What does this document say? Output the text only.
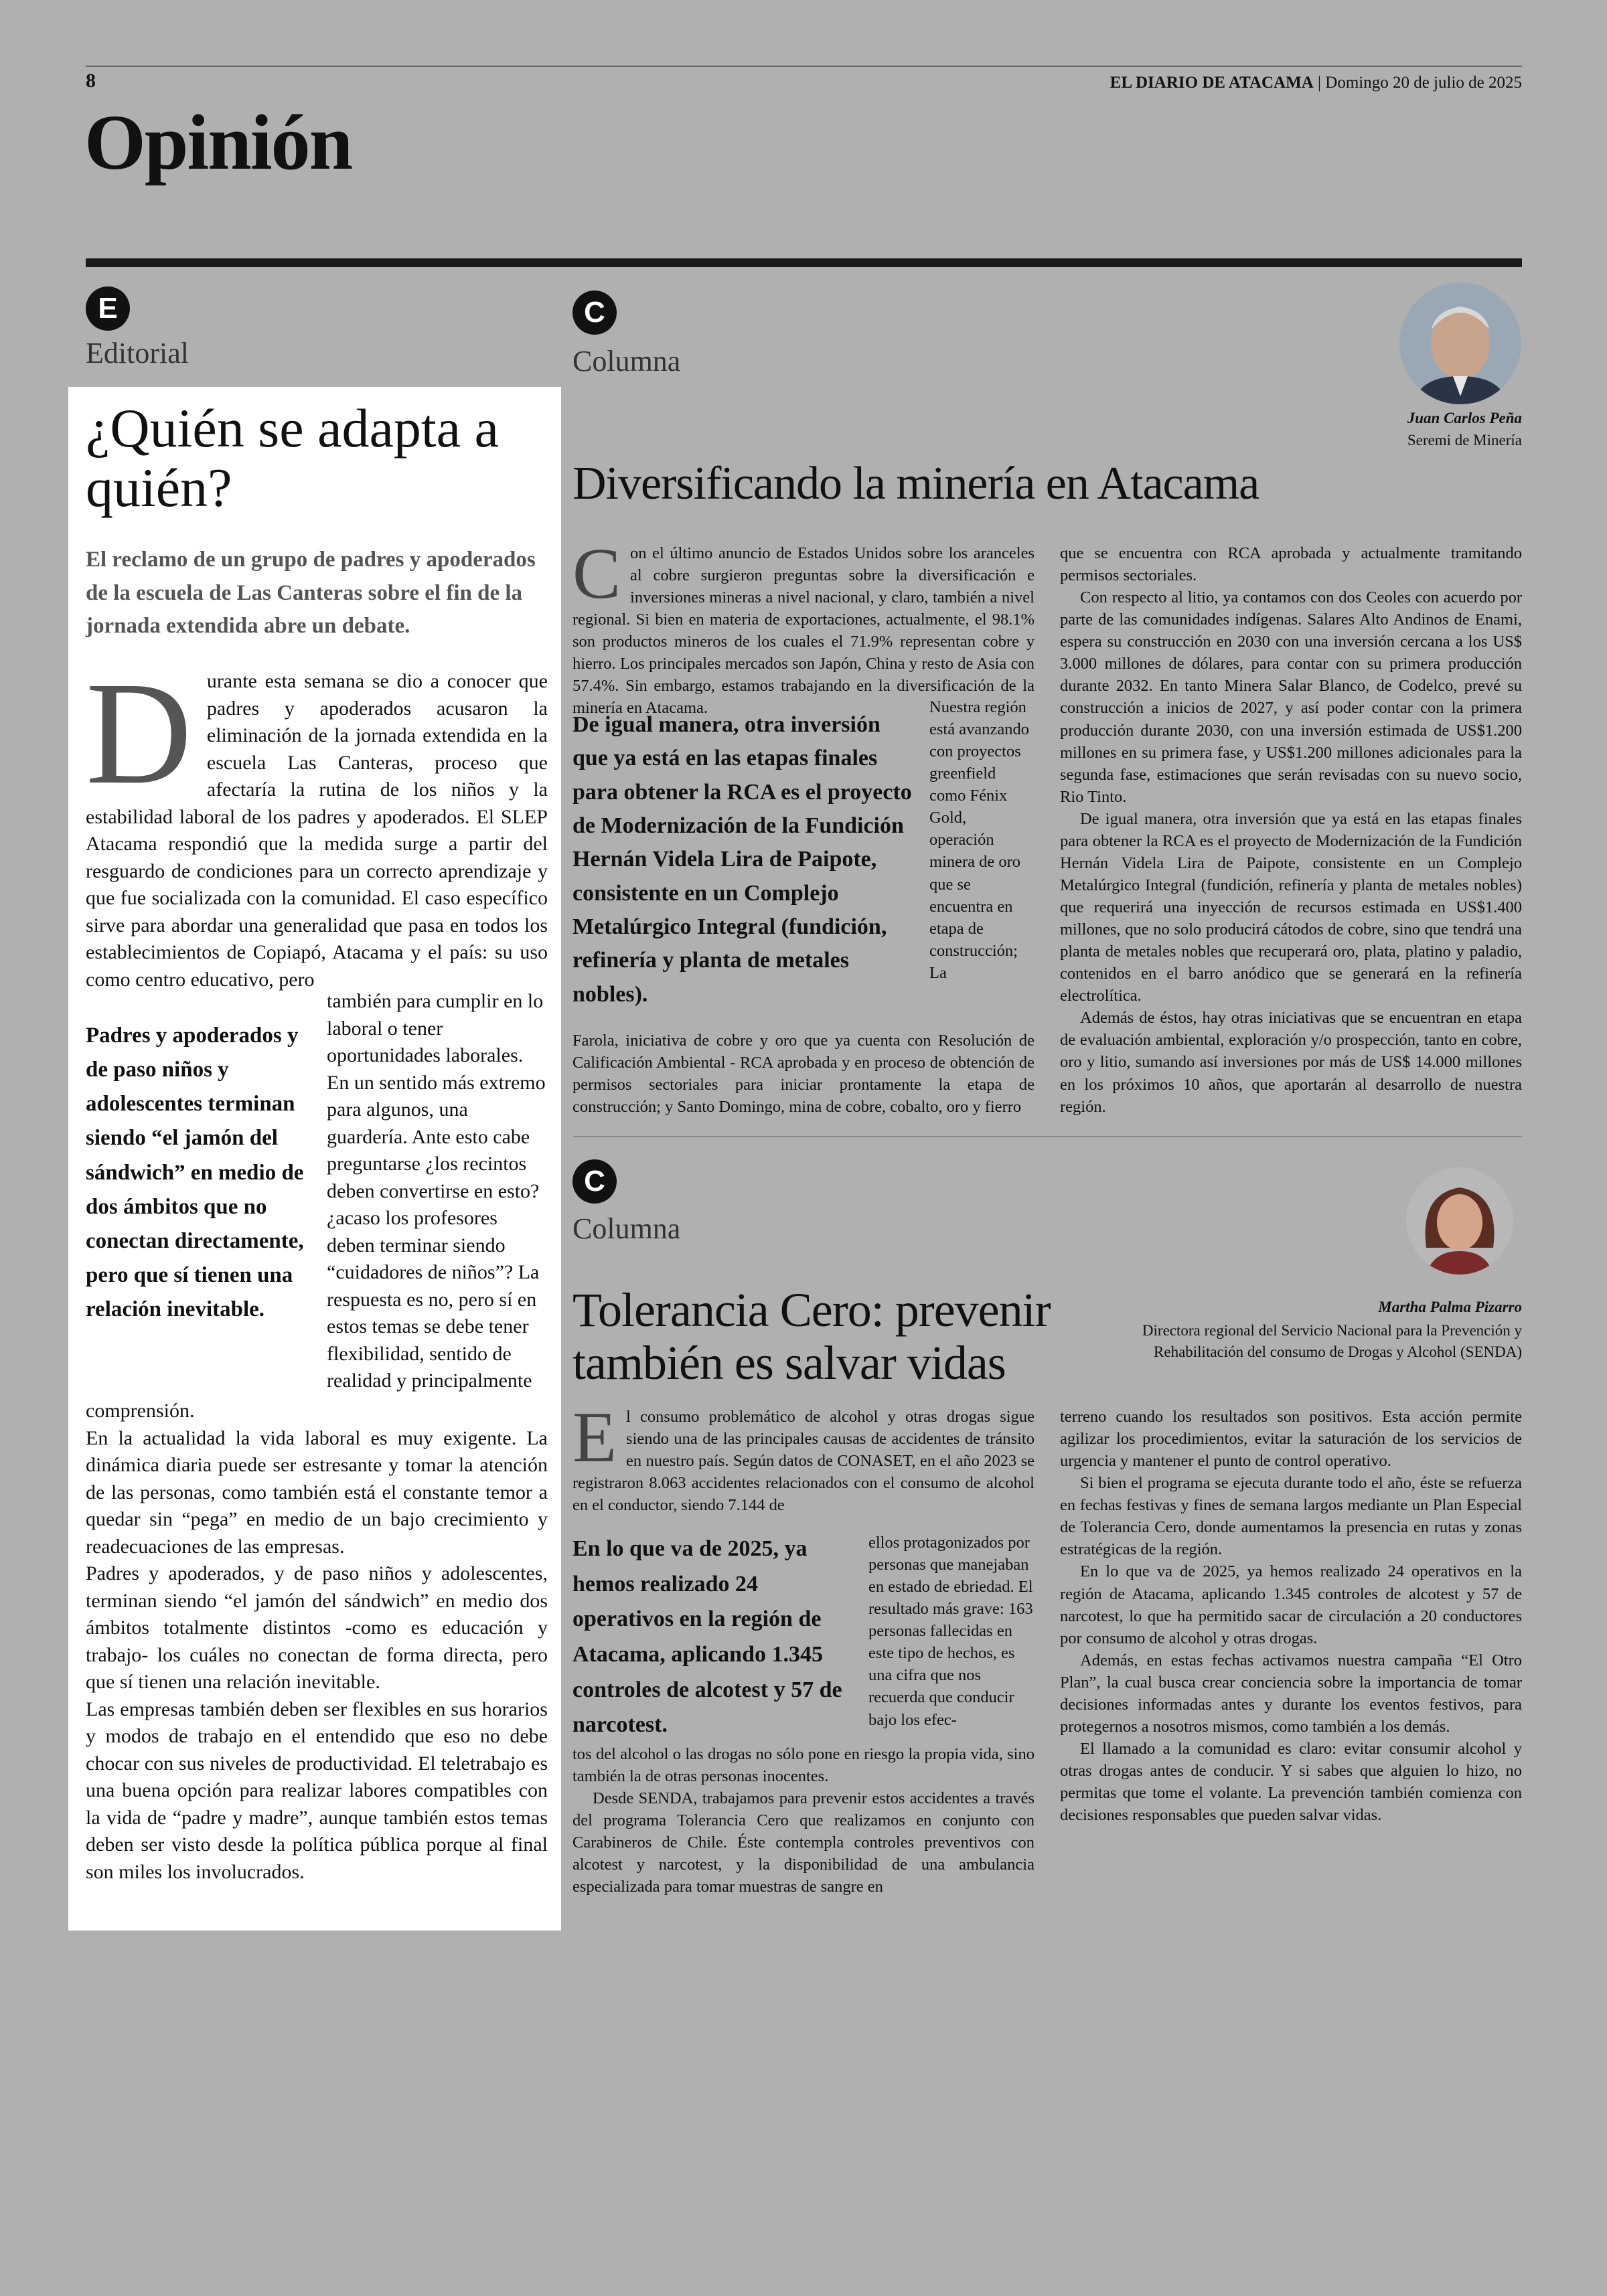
8	EL DIARIO DE ATACAMA | Domingo 20 de julio de 2025
Opinión
E
Editorial
¿Quién se adapta a quién?
El reclamo de un grupo de padres y apoderados de la escuela de Las Canteras sobre el fin de la jornada extendida abre un debate.
Durante esta semana se dio a conocer que padres y apoderados acusaron la eliminación de la jornada extendida en la escuela Las Canteras, proceso que afectaría la rutina de los niños y la estabilidad laboral de los padres y apoderados. El SLEP Atacama respondió que la medida surge a partir del resguardo de condiciones para un correcto aprendizaje y que fue socializada con la comunidad. El caso específico sirve para abordar una generalidad que pasa en todos los establecimientos de Copiapó, Atacama y el país: su uso como centro educativo, pero
Padres y apoderados y de paso niños y adolescentes terminan siendo “el jamón del sándwich” en medio de dos ámbitos que no conectan directamente, pero que sí tienen una relación inevitable.
también para cumplir en lo laboral o tener oportunidades laborales. En un sentido más extremo para algunos, una guardería. Ante esto cabe preguntarse ¿los recintos deben convertirse en esto? ¿acaso los profesores deben terminar siendo “cuidadores de niños”? La respuesta es no, pero sí en estos temas se debe tener flexibilidad, sentido de realidad y principalmente
comprensión.
En la actualidad la vida laboral es muy exigente. La dinámica diaria puede ser estresante y tomar la atención de las personas, como también está el constante temor a quedar sin “pega” en medio de un bajo crecimiento y readecuaciones de las empresas.
Padres y apoderados, y de paso niños y adolescentes, terminan siendo “el jamón del sándwich” en medio dos ámbitos totalmente distintos -como es educación y trabajo- los cuáles no conectan de forma directa, pero que sí tienen una relación inevitable.
Las empresas también deben ser flexibles en sus horarios y modos de trabajo en el entendido que eso no debe chocar con sus niveles de productividad. El teletrabajo es una buena opción para realizar labores compatibles con la vida de “padre y madre”, aunque también estos temas deben ser visto desde la política pública porque al final son miles los involucrados.
C
Columna
Juan Carlos Peña
Seremi de Minería
Diversificando la minería en Atacama
Con el último anuncio de Estados Unidos sobre los aranceles al cobre surgieron preguntas sobre la diversificación e inversiones mineras a nivel nacional, y claro, también a nivel regional. Si bien en materia de exportaciones, actualmente, el 98.1% son productos mineros de los cuales el 71.9% representan cobre y hierro. Los principales mercados son Japón, China y resto de Asia con 57.4%. Sin embargo, estamos trabajando en la diversificación de la minería en Atacama.
De igual manera, otra inversión que ya está en las etapas finales para obtener la RCA es el proyecto de Modernización de la Fundición Hernán Videla Lira de Paipote, consistente en un Complejo Metalúrgico Integral (fundición, refinería y planta de metales nobles).
Nuestra región está avanzando con proyectos greenfield como Fénix Gold, operación minera de oro que se encuentra en etapa de construcción; La
Farola, iniciativa de cobre y oro que ya cuenta con Resolución de Calificación Ambiental - RCA aprobada y en proceso de obtención de permisos sectoriales para iniciar prontamente la etapa de construcción; y Santo Domingo, mina de cobre, cobalto, oro y fierro
que se encuentra con RCA aprobada y actualmente tramitando permisos sectoriales.
Con respecto al litio, ya contamos con dos Ceoles con acuerdo por parte de las comunidades indígenas. Salares Alto Andinos de Enami, espera su construcción en 2030 con una inversión cercana a los US$ 3.000 millones de dólares, para contar con su primera producción durante 2032. En tanto Minera Salar Blanco, de Codelco, prevé su construcción a inicios de 2027, y así poder contar con la primera producción durante 2030, con una inversión estimada de US$1.200 millones en su primera fase, y US$1.200 millones adicionales para la segunda fase, estimaciones que serán revisadas con su nuevo socio, Rio Tinto.
De igual manera, otra inversión que ya está en las etapas finales para obtener la RCA es el proyecto de Modernización de la Fundición Hernán Videla Lira de Paipote, consistente en un Complejo Metalúrgico Integral (fundición, refinería y planta de metales nobles) que requerirá una inyección de recursos estimada en US$1.400 millones, que no solo producirá cátodos de cobre, sino que tendrá una planta de metales nobles que recuperará oro, plata, platino y paladio, contenidos en el barro anódico que se generará en la refinería electrolítica.
Además de éstos, hay otras iniciativas que se encuentran en etapa de evaluación ambiental, exploración y/o prospección, tanto en cobre, oro y litio, sumando así inversiones por más de US$ 14.000 millones en los próximos 10 años, que aportarán al desarrollo de nuestra región.
C
Columna
Martha Palma Pizarro
Directora regional del Servicio Nacional para la Prevención y
Rehabilitación del consumo de Drogas y Alcohol (SENDA)
Tolerancia Cero: prevenir también es salvar vidas
El consumo problemático de alcohol y otras drogas sigue siendo una de las principales causas de accidentes de tránsito en nuestro país. Según datos de CONASET, en el año 2023 se registraron 8.063 accidentes relacionados con el consumo de alcohol en el conductor, siendo 7.144 de
En lo que va de 2025, ya hemos realizado 24 operativos en la región de Atacama, aplicando 1.345 controles de alcotest y 57 de narcotest.
ellos protagonizados por personas que manejaban en estado de ebriedad. El resultado más grave: 163 personas fallecidas en este tipo de hechos, es una cifra que nos recuerda que conducir bajo los efec-
tos del alcohol o las drogas no sólo pone en riesgo la propia vida, sino también la de otras personas inocentes.
Desde SENDA, trabajamos para prevenir estos accidentes a través del programa Tolerancia Cero que realizamos en conjunto con Carabineros de Chile. Éste contempla controles preventivos con alcotest y narcotest, y la disponibilidad de una ambulancia especializada para tomar muestras de sangre en
terreno cuando los resultados son positivos. Esta acción permite agilizar los procedimientos, evitar la saturación de los servicios de urgencia y mantener el punto de control operativo.
Si bien el programa se ejecuta durante todo el año, éste se refuerza en fechas festivas y fines de semana largos mediante un Plan Especial de Tolerancia Cero, donde aumentamos la presencia en rutas y zonas estratégicas de la región.
En lo que va de 2025, ya hemos realizado 24 operativos en la región de Atacama, aplicando 1.345 controles de alcotest y 57 de narcotest, lo que ha permitido sacar de circulación a 20 conductores por consumo de alcohol y otras drogas.
Además, en estas fechas activamos nuestra campaña “El Otro Plan”, la cual busca crear conciencia sobre la importancia de tomar decisiones informadas antes y durante los eventos festivos, para protegernos a nosotros mismos, como también a los demás.
El llamado a la comunidad es claro: evitar consumir alcohol y otras drogas antes de conducir. Y si sabes que alguien lo hizo, no permitas que tome el volante. La prevención también comienza con decisiones responsables que pueden salvar vidas.
